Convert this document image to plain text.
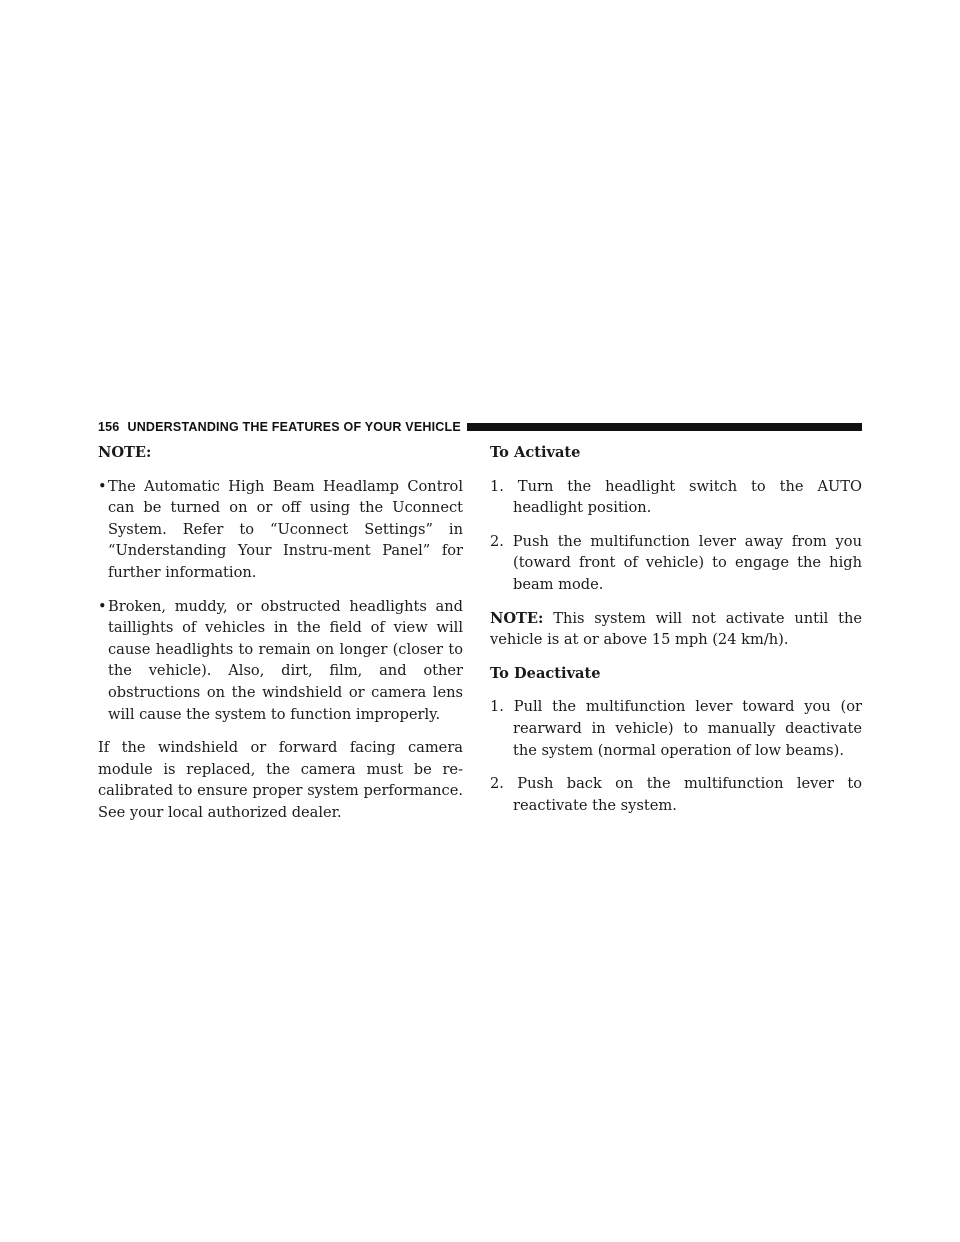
156 UNDERSTANDING THE FEATURES OF YOUR VEHICLE
NOTE:
• The Automatic High Beam Headlamp Control can be turned on or off using the Uconnect System. Refer to “Uconnect Settings” in “Understanding Your Instru-ment Panel” for further information.
• Broken, muddy, or obstructed headlights and taillights of vehicles in the field of view will cause headlights to remain on longer (closer to the vehicle). Also, dirt, film, and other obstructions on the windshield or camera lens will cause the system to function improperly.

If the windshield or forward facing camera module is replaced, the camera must be re-calibrated to ensure proper system performance. See your local authorized dealer.

To Activate
1. Turn the headlight switch to the AUTO headlight position.
2. Push the multifunction lever away from you (toward front of vehicle) to engage the high beam mode.

NOTE: This system will not activate until the vehicle is at or above 15 mph (24 km/h).

To Deactivate
1. Pull the multifunction lever toward you (or rearward in vehicle) to manually deactivate the system (normal operation of low beams).
2. Push back on the multifunction lever to reactivate the system.
